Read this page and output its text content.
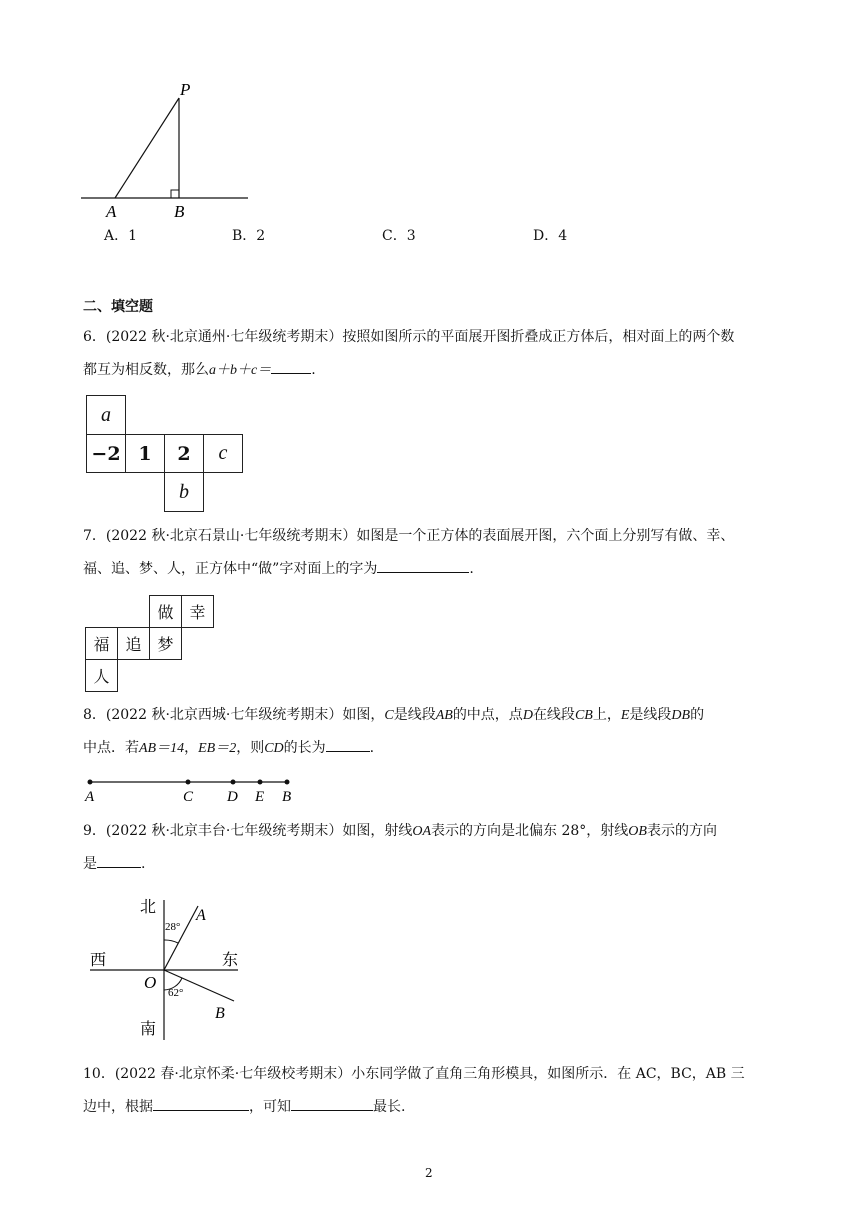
P
A	B
A．1	B．2	C．3	D．4
二、填空题
6．(2022 秋·北京通州·七年级统考期末）按照如图所示的平面展开图折叠成正方体后，相对面上的两个数
都互为相反数，那么a＋b＋c＝	.
a
−2 1	2	c
b
7．(2022 秋·北京石景山·七年级统考期末）如图是一个正方体的表面展开图，六个面上分别写有做、幸、
福、追、梦、人，正方体中“做”字对面上的字为	.
做 幸
福 追 梦
人
8．(2022 秋·北京西城·七年级统考期末）如图，C是线段AB的中点，点D在线段CB上，E是线段DB的
中点．若AB＝14，EB＝2，则CD的长为	.
A	C D E B
9．(2022 秋·北京丰台·七年级统考期末）如图，射线OA表示的方向是北偏东 28°，射线OB表示的方向
是	.
北
南
西	东
O
A
B
28°
62°
10．(2022 春·北京怀柔·七年级校考期末）小东同学做了直角三角形模具，如图所示．在 AC，BC，AB 三
边中，根据	，可知	最长.
2
